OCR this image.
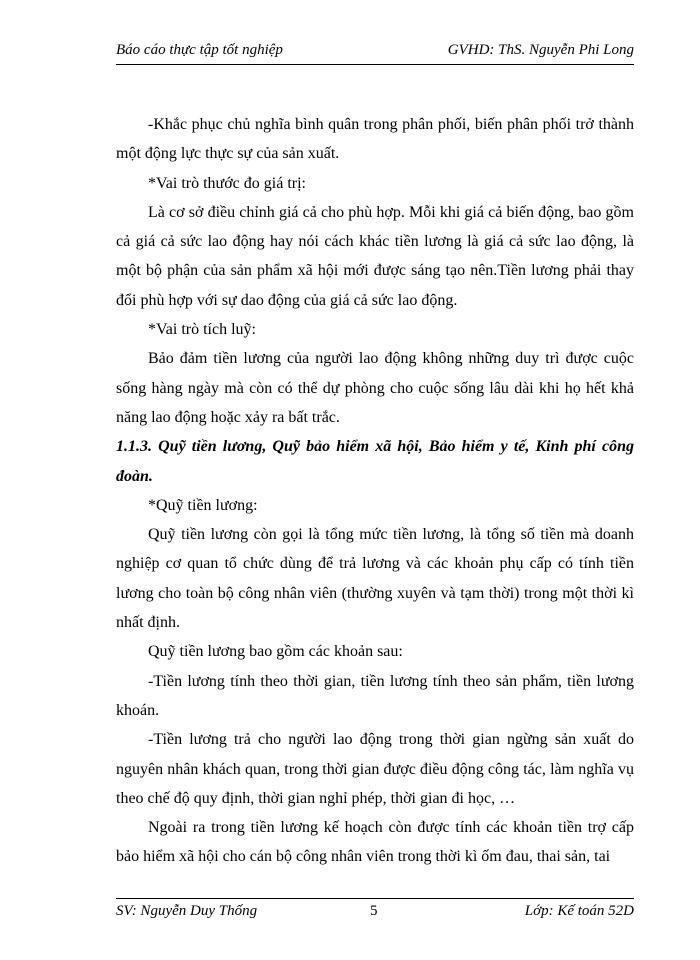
Báo cáo thực tập tốt nghiệp	GVHD: ThS. Nguyễn Phi Long

-Khắc phục chủ nghĩa bình quân trong phân phối, biến phân phối trở thành một động lực thực sự của sản xuất.

*Vai trò thước đo giá trị:

Là cơ sở điều chỉnh giá cả cho phù hợp. Mỗi khi giá cả biến động, bao gồm cả giá cả sức lao động hay nói cách khác tiền lương là giá cả sức lao động, là một bộ phận của sản phẩm xã hội mới được sáng tạo nên.Tiền lương phải thay đổi phù hợp với sự dao động của giá cả sức lao động.

*Vai trò tích luỹ:

Bảo đảm tiền lương của người lao động không những duy trì được cuộc sống hàng ngày mà còn có thể dự phòng cho cuộc sống lâu dài khi họ hết khả năng lao động hoặc xảy ra bất trắc.

1.1.3. Quỹ tiền lương, Quỹ bảo hiểm xã hội, Bảo hiểm y tế, Kinh phí công đoàn.

*Quỹ tiền lương:

Quỹ tiền lương còn gọi là tổng mức tiền lương, là tổng số tiền mà doanh nghiệp cơ quan tổ chức dùng để trả lương và các khoản phụ cấp có tính tiền lương cho toàn bộ công nhân viên (thường xuyên và tạm thời) trong một thời kì nhất định.

Quỹ tiền lương bao gồm các khoản sau:

-Tiền lương tính theo thời gian, tiền lương tính theo sản phẩm, tiền lương khoán.

-Tiền lương trả cho người lao động trong thời gian ngừng sản xuất do nguyên nhân khách quan, trong thời gian được điều động công tác, làm nghĩa vụ theo chế độ quy định, thời gian nghỉ phép, thời gian đi học, …

Ngoài ra trong tiền lương kế hoạch còn được tính các khoản tiền trợ cấp bảo hiểm xã hội cho cán bộ công nhân viên trong thời kì ốm đau, thai sản, tai

SV: Nguyễn Duy Thống	5	Lớp: Kế toán 52D
